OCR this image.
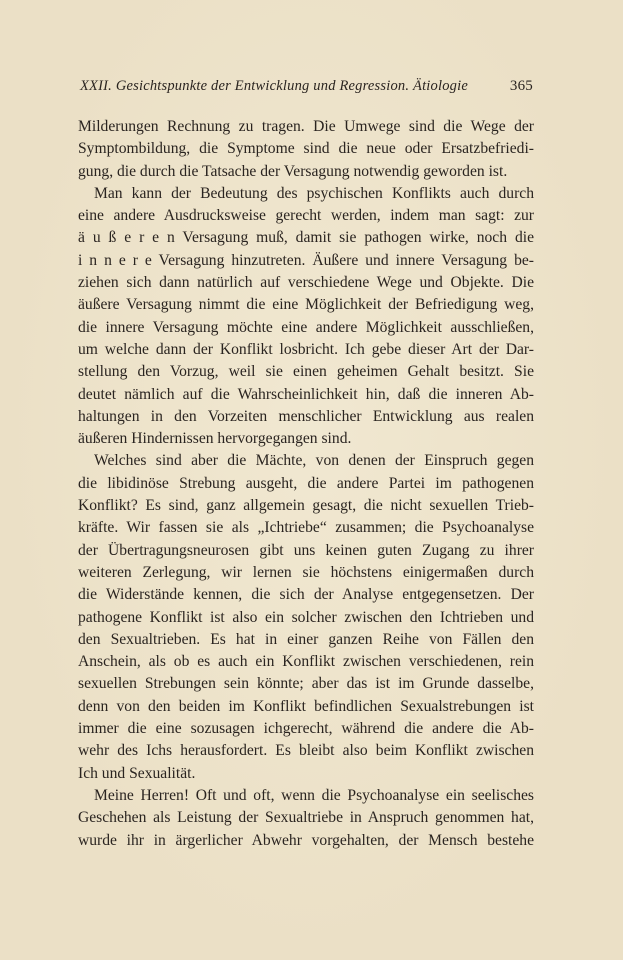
XXII. Gesichtspunkte der Entwicklung und Regression. Ätiologie	365
Milderungen Rechnung zu tragen. Die Umwege sind die Wege der
Symptombildung, die Symptome sind die neue oder Ersatzbefriedi-
gung, die durch die Tatsache der Versagung notwendig geworden ist.
Man kann der Bedeutung des psychischen Konflikts auch durch
eine andere Ausdrucksweise gerecht werden, indem man sagt: zur
ä u ß e r e n Versagung muß, damit sie pathogen wirke, noch die
i n n e r e Versagung hinzutreten. Äußere und innere Versagung be-
ziehen sich dann natürlich auf verschiedene Wege und Objekte. Die
äußere Versagung nimmt die eine Möglichkeit der Befriedigung weg,
die innere Versagung möchte eine andere Möglichkeit ausschließen,
um welche dann der Konflikt losbricht. Ich gebe dieser Art der Dar-
stellung den Vorzug, weil sie einen geheimen Gehalt besitzt. Sie
deutet nämlich auf die Wahrscheinlichkeit hin, daß die inneren Ab-
haltungen in den Vorzeiten menschlicher Entwicklung aus realen
äußeren Hindernissen hervorgegangen sind.
Welches sind aber die Mächte, von denen der Einspruch gegen
die libidinöse Strebung ausgeht, die andere Partei im pathogenen
Konflikt? Es sind, ganz allgemein gesagt, die nicht sexuellen Trieb-
kräfte. Wir fassen sie als „Ichtriebe“ zusammen; die Psychoanalyse
der Übertragungsneurosen gibt uns keinen guten Zugang zu ihrer
weiteren Zerlegung, wir lernen sie höchstens einigermaßen durch
die Widerstände kennen, die sich der Analyse entgegensetzen. Der
pathogene Konflikt ist also ein solcher zwischen den Ichtrieben und
den Sexualtrieben. Es hat in einer ganzen Reihe von Fällen den
Anschein, als ob es auch ein Konflikt zwischen verschiedenen, rein
sexuellen Strebungen sein könnte; aber das ist im Grunde dasselbe,
denn von den beiden im Konflikt befindlichen Sexualstrebungen ist
immer die eine sozusagen ichgerecht, während die andere die Ab-
wehr des Ichs herausfordert. Es bleibt also beim Konflikt zwischen
Ich und Sexualität.
Meine Herren! Oft und oft, wenn die Psychoanalyse ein seelisches
Geschehen als Leistung der Sexualtriebe in Anspruch genommen hat,
wurde ihr in ärgerlicher Abwehr vorgehalten, der Mensch bestehe
